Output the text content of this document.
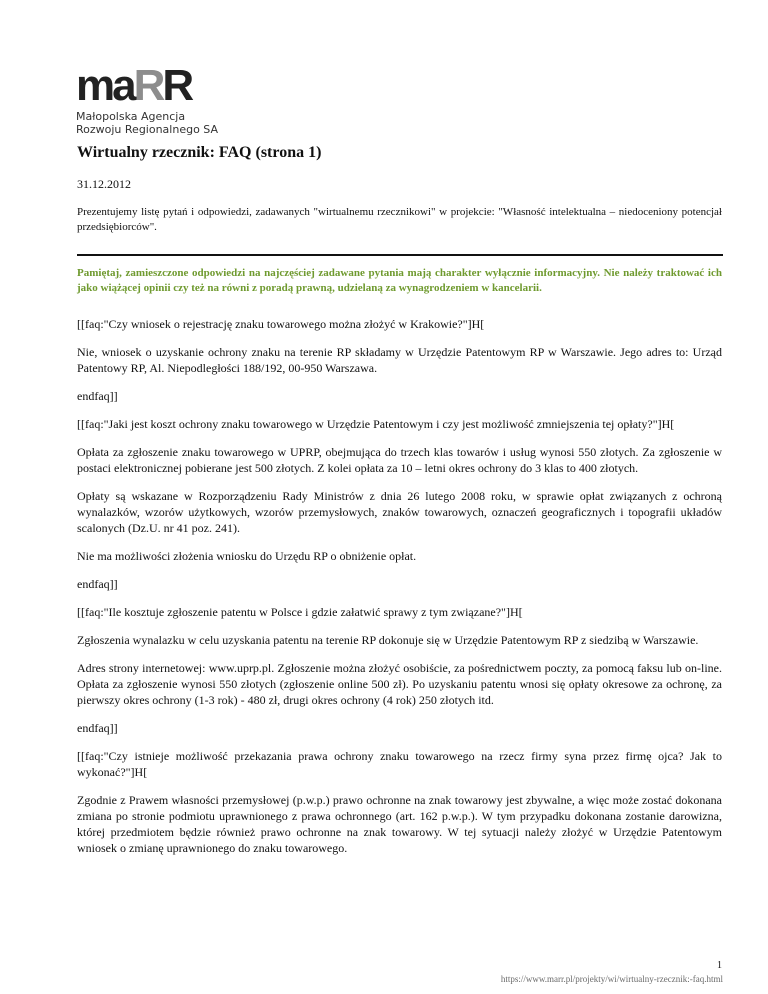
maRR
Małopolska Agencja
Rozwoju Regionalnego SA
Wirtualny rzecznik: FAQ (strona 1)
31.12.2012

Prezentujemy listę pytań i odpowiedzi, zadawanych "wirtualnemu rzecznikowi" w projekcie: "Własność intelektualna – niedoceniony potencjał przedsiębiorców".

Pamiętaj, zamieszczone odpowiedzi na najczęściej zadawane pytania mają charakter wyłącznie informacyjny. Nie należy traktować ich jako wiążącej opinii czy też na równi z poradą prawną, udzielaną za wynagrodzeniem w kancelarii.

[[faq:"Czy wniosek o rejestrację znaku towarowego można złożyć w Krakowie?"]H[

Nie, wniosek o uzyskanie ochrony znaku na terenie RP składamy w Urzędzie Patentowym RP w Warszawie. Jego adres to: Urząd Patentowy RP, Al. Niepodległości 188/192, 00-950 Warszawa.

endfaq]]

[[faq:"Jaki jest koszt ochrony znaku towarowego w Urzędzie Patentowym i czy jest możliwość zmniejszenia tej opłaty?"]H[

Opłata za zgłoszenie znaku towarowego w UPRP, obejmująca do trzech klas towarów i usług wynosi 550 złotych. Za zgłoszenie w postaci elektronicznej pobierane jest 500 złotych. Z kolei opłata za 10 – letni okres ochrony do 3 klas to 400 złotych.

Opłaty są wskazane w Rozporządzeniu Rady Ministrów z dnia 26 lutego 2008 roku, w sprawie opłat związanych z ochroną wynalazków, wzorów użytkowych, wzorów przemysłowych, znaków towarowych, oznaczeń geograficznych i topografii układów scalonych (Dz.U. nr 41 poz. 241).

Nie ma możliwości złożenia wniosku do Urzędu RP o obniżenie opłat.

endfaq]]

[[faq:"Ile kosztuje zgłoszenie patentu w Polsce i gdzie załatwić sprawy z tym związane?"]H[

Zgłoszenia wynalazku w celu uzyskania patentu na terenie RP dokonuje się w Urzędzie Patentowym RP z siedzibą w Warszawie.

Adres strony internetowej: www.uprp.pl. Zgłoszenie można złożyć osobiście, za pośrednictwem poczty, za pomocą faksu lub on-line. Opłata za zgłoszenie wynosi 550 złotych (zgłoszenie online 500 zł). Po uzyskaniu patentu wnosi się opłaty okresowe za ochronę, za pierwszy okres ochrony (1-3 rok) - 480 zł, drugi okres ochrony (4 rok) 250 złotych itd.

endfaq]]

[[faq:"Czy istnieje możliwość przekazania prawa ochrony znaku towarowego na rzecz firmy syna przez firmę ojca? Jak to wykonać?"]H[

Zgodnie z Prawem własności przemysłowej (p.w.p.) prawo ochronne na znak towarowy jest zbywalne, a więc może zostać dokonana zmiana po stronie podmiotu uprawnionego z prawa ochronnego (art. 162 p.w.p.). W tym przypadku dokonana zostanie darowizna, której przedmiotem będzie również prawo ochronne na znak towarowy. W tej sytuacji należy złożyć w Urzędzie Patentowym wniosek o zmianę uprawnionego do znaku towarowego.

1
https://www.marr.pl/projekty/wi/wirtualny-rzecznik:-faq.html
